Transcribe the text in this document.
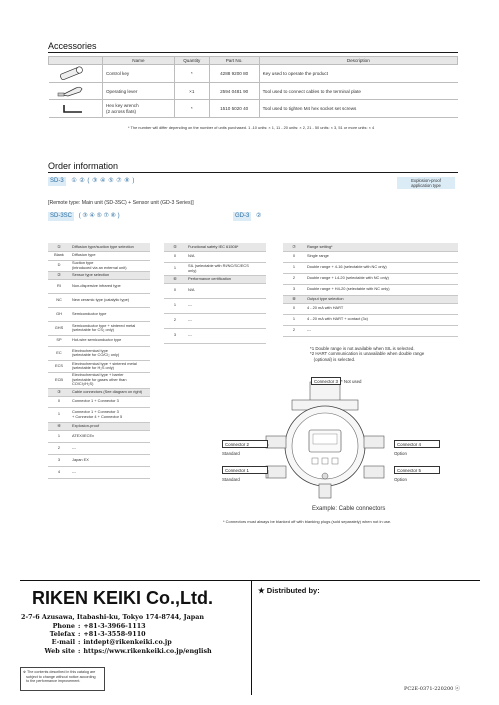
Accessories
	Name	Quantity	Part No.	Description
	Control key	*	4288 9200 80	Key used to operate the product
	Operating lever	×1	2594 0481 90	Tool used to connect cables to the terminal plate
	Hex key wrench
(2 across flats)	*	1510 5020 40	Tool used to tighten M4 hex socket set screws
* The number will differ depending on the number of units purchased. 1 -10 units: × 1, 11 - 20 units: × 2, 21 - 50 units: × 3, 51 or more units: × 4
Order information
SD-3 ① ② ( ③ ④ ⑤ ⑦ ⑧ )	Explosion-proof
application type
[Remote type: Main unit (SD-3SC) + Sensor unit (GD-3 Series)]
SD-3SC ( ③ ④ ⑤ ⑦ ⑧ )	GD-3 ②
①	Diffusion type/suction type selection
Blank	Diffusion type
D	Suction type
(introduced via an external unit)
②	Sensor type selection
RI	Non-dispersive infrared type
NC	New ceramic type (catalytic type)
GH	Semiconductor type
GHS	Semiconductor type + sintered metal
(selectable for CS₂ only)
SP	Hot-wire semiconductor type
EC	Electrochemical type
(selectable for CO/Cl₂ only)
ECS	Electrochemical type + sintered metal
(selectable for H₂S only)
ECB	Electrochemical type + barrier
(selectable for gases other than
CO/Cl₂/H₂S)
③	Cable connectors (See diagram on right)
0	Connector 1 + Connector 3
1	Connector 1 + Connector 3
+ Connector 4 + Connector 5
④	Explosion-proof
1	ATEX/IECEx
2	---
3	Japan EX
4	---
⑤	Functional safety IEC 61508*
0	N/A
1	SIL (selectable with RI/NC/SC/ECS
only)
⑥	Performance certification
0	N/A
1	---
2	---
3	---
⑦	Range setting*
0	Single range
1	Double range + 4-16 (selectable with NC only)
2	Double range + L4-20 (selectable with NC only)
3	Double range + H4-20 (selectable with NC only)
⑧	Output type selection
0	4 - 20 mA with HART
1	4 - 20 mA with HART + contact (3c)
2	---
*1 Double range is not available when SIL is selected.
*2 HART communication is unavailable when double range
(optional) is selected.
Connector 3 * Not used
Connector 2
Standard
Connector 4
Option
Connector 1
Standard
Connector 5
Option
Example: Cable connectors
* Connectors must always be blanked off with blanking plugs (sold separately) when not in use.
RIKEN KEIKI Co.,Ltd.
2-7-6 Azusawa, Itabashi-ku, Tokyo 174-8744, Japan
Phone : +81-3-3966-1113
Telefax : +81-3-3558-9110
E-mail : intdept@rikenkeiki.co.jp
Web site : https://www.rikenkeiki.co.jp/english
※ The contents described in this catalog are
subject to change without notice according
to the performance improvement.
★ Distributed by:
PC2E-0371-220200 ⓐ
